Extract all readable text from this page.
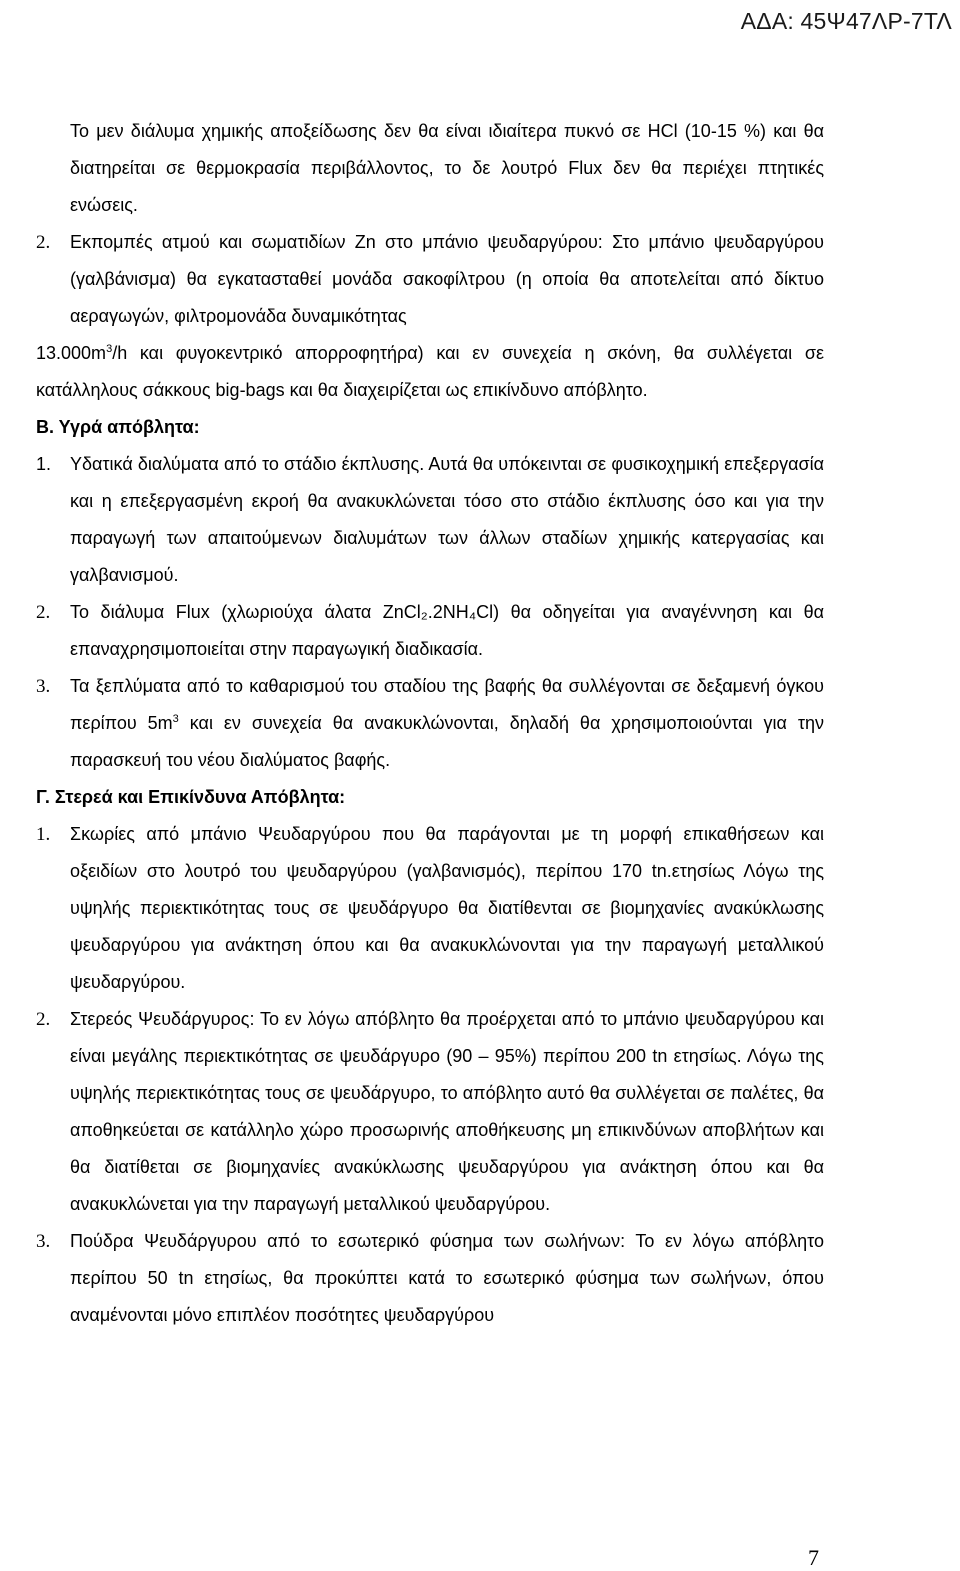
ΑΔΑ: 45Ψ47ΛΡ-7ΤΛ

Το μεν διάλυμα χημικής αποξείδωσης δεν θα είναι ιδιαίτερα πυκνό σε HCl (10-15 %) και θα διατηρείται σε θερμοκρασία περιβάλλοντος, το δε λουτρό Flux δεν θα περιέχει πτητικές ενώσεις.

2. Εκπομπές ατμού και σωματιδίων Zn στο μπάνιο ψευδαργύρου: Στο μπάνιο ψευδαργύρου (γαλβάνισμα) θα εγκατασταθεί μονάδα σακοφίλτρου (η οποία θα αποτελείται από δίκτυο αεραγωγών, φιλτρομονάδα δυναμικότητας

$13.000m^3/h$ και φυγοκεντρικό απορροφητήρα) και εν συνεχεία η σκόνη, θα συλλέγεται σε κατάλληλους σάκκους big-bags και θα διαχειρίζεται ως επικίνδυνο απόβλητο.

Β. Υγρά απόβλητα:

1. Υδατικά διαλύματα από το στάδιο έκπλυσης. Αυτά θα υπόκεινται σε φυσικοχημική επεξεργασία και η επεξεργασμένη εκροή θα ανακυκλώνεται τόσο στο στάδιο έκπλυσης όσο και για την παραγωγή των απαιτούμενων διαλυμάτων των άλλων σταδίων χημικής κατεργασίας και γαλβανισμού.

2. Το διάλυμα Flux (χλωριούχα άλατα ZnCl₂.2NH₄Cl) θα οδηγείται για αναγέννηση και θα επαναχρησιμοποιείται στην παραγωγική διαδικασία.

3. Τα ξεπλύματα από το καθαρισμού του σταδίου της βαφής θα συλλέγονται σε δεξαμενή όγκου περίπου $5m^3$ και εν συνεχεία θα ανακυκλώνονται, δηλαδή θα χρησιμοποιούνται για την παρασκευή του νέου διαλύματος βαφής.

Γ. Στερεά και Επικίνδυνα Απόβλητα:

1. Σκωρίες από μπάνιο Ψευδαργύρου που θα παράγονται με τη μορφή επικαθήσεων και οξειδίων στο λουτρό του ψευδαργύρου (γαλβανισμός), περίπου 170 tn.ετησίως Λόγω της υψηλής περιεκτικότητας τους σε ψευδάργυρο θα διατίθενται σε βιομηχανίες ανακύκλωσης ψευδαργύρου για ανάκτηση όπου και θα ανακυκλώνονται για την παραγωγή μεταλλικού ψευδαργύρου.

2. Στερεός Ψευδάργυρος: Το εν λόγω απόβλητο θα προέρχεται από το μπάνιο ψευδαργύρου και είναι μεγάλης περιεκτικότητας σε ψευδάργυρο (90 – 95%) περίπου 200 tn ετησίως. Λόγω της υψηλής περιεκτικότητας τους σε ψευδάργυρο, το απόβλητο αυτό θα συλλέγεται σε παλέτες, θα αποθηκεύεται σε κατάλληλο χώρο προσωρινής αποθήκευσης μη επικινδύνων αποβλήτων και θα διατίθεται σε βιομηχανίες ανακύκλωσης ψευδαργύρου για ανάκτηση όπου και θα ανακυκλώνεται για την παραγωγή μεταλλικού ψευδαργύρου.

3. Πούδρα Ψευδάργυρου από το εσωτερικό φύσημα των σωλήνων: Το εν λόγω απόβλητο περίπου 50 tn ετησίως, θα προκύπτει κατά το εσωτερικό φύσημα των σωλήνων, όπου αναμένονται μόνο επιπλέον ποσότητες ψευδαργύρου

7
